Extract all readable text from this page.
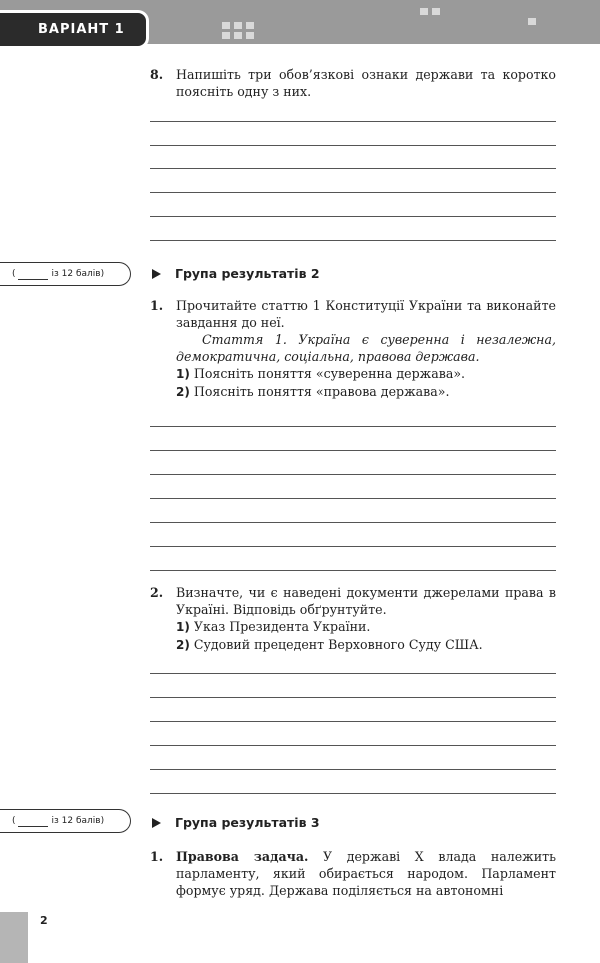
ВАРІАНТ 1
8.	Напишіть три обов’язкові ознаки держави та коротко поясніть одну з них.
(	із 12 балів)	Група результатів 2
1.	Прочитайте статтю 1 Конституції України та виконайте завдання до неї.
Стаття 1. Україна є суверенна і незалежна, демократична, соціальна, правова держава.
1) Поясніть поняття «суверенна держава».
2) Поясніть поняття «правова держава».
2.	Визначте, чи є наведені документи джерелами права в Україні. Відповідь обґрунтуйте.
1) Указ Президента України.
2) Судовий прецедент Верховного Суду США.
(	із 12 балів)	Група результатів 3
1.	Правова задача. У державі X влада належить парламенту, який обирається народом. Парламент формує уряд. Держава поділяється на автономні
2
